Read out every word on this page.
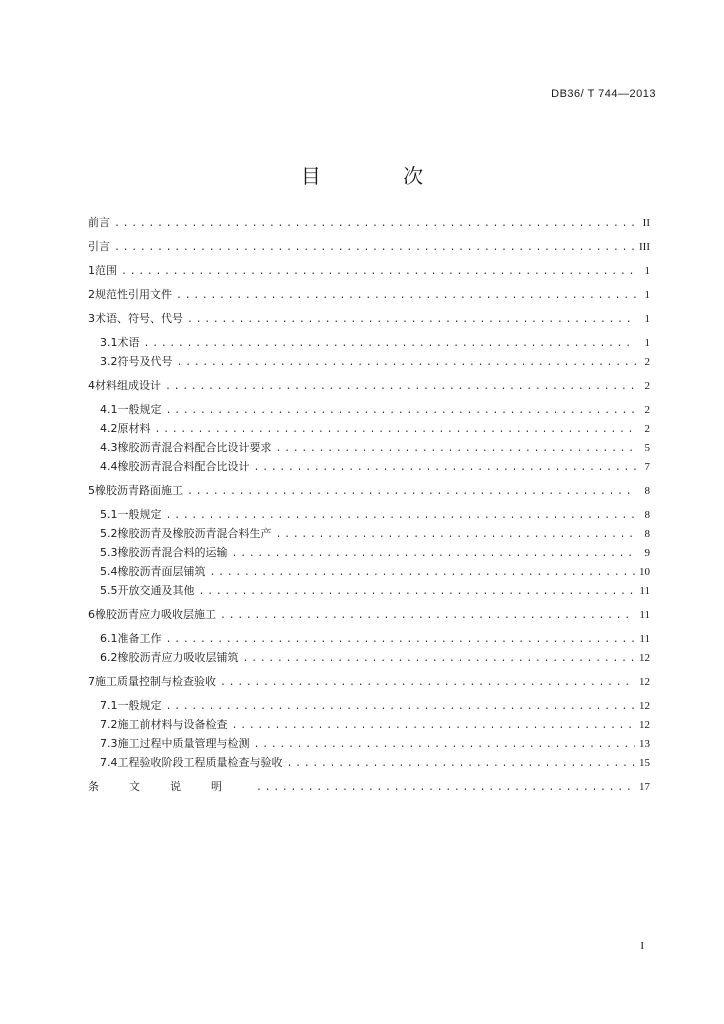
DB36/ T 744—2013
目 次
前言 .....	II
引言 .....	III
1 范围 .....	1
2 规范性引用文件 .....	1
3 术语、符号、代号 .....	1
3.1 术语 .....	1
3.2 符号及代号 .....	2
4 材料组成设计 .....	2
4.1 一般规定 .....	2
4.2 原材料 .....	2
4.3 橡胶沥青混合料配合比设计要求 .....	5
4.4 橡胶沥青混合料配合比设计 .....	7
5 橡胶沥青路面施工 .....	8
5.1 一般规定 .....	8
5.2 橡胶沥青及橡胶沥青混合料生产 .....	8
5.3 橡胶沥青混合料的运输 .....	9
5.4 橡胶沥青面层铺筑 .....	10
5.5 开放交通及其他 .....	11
6 橡胶沥青应力吸收层施工 .....	11
6.1 准备工作 .....	11
6.2 橡胶沥青应力吸收层铺筑 .....	12
7 施工质量控制与检查验收 .....	12
7.1 一般规定 .....	12
7.2 施工前材料与设备检查 .....	12
7.3 施工过程中质量管理与检测 .....	13
7.4 工程验收阶段工程质量检查与验收 .....	15
条文说明 .....	17
I
